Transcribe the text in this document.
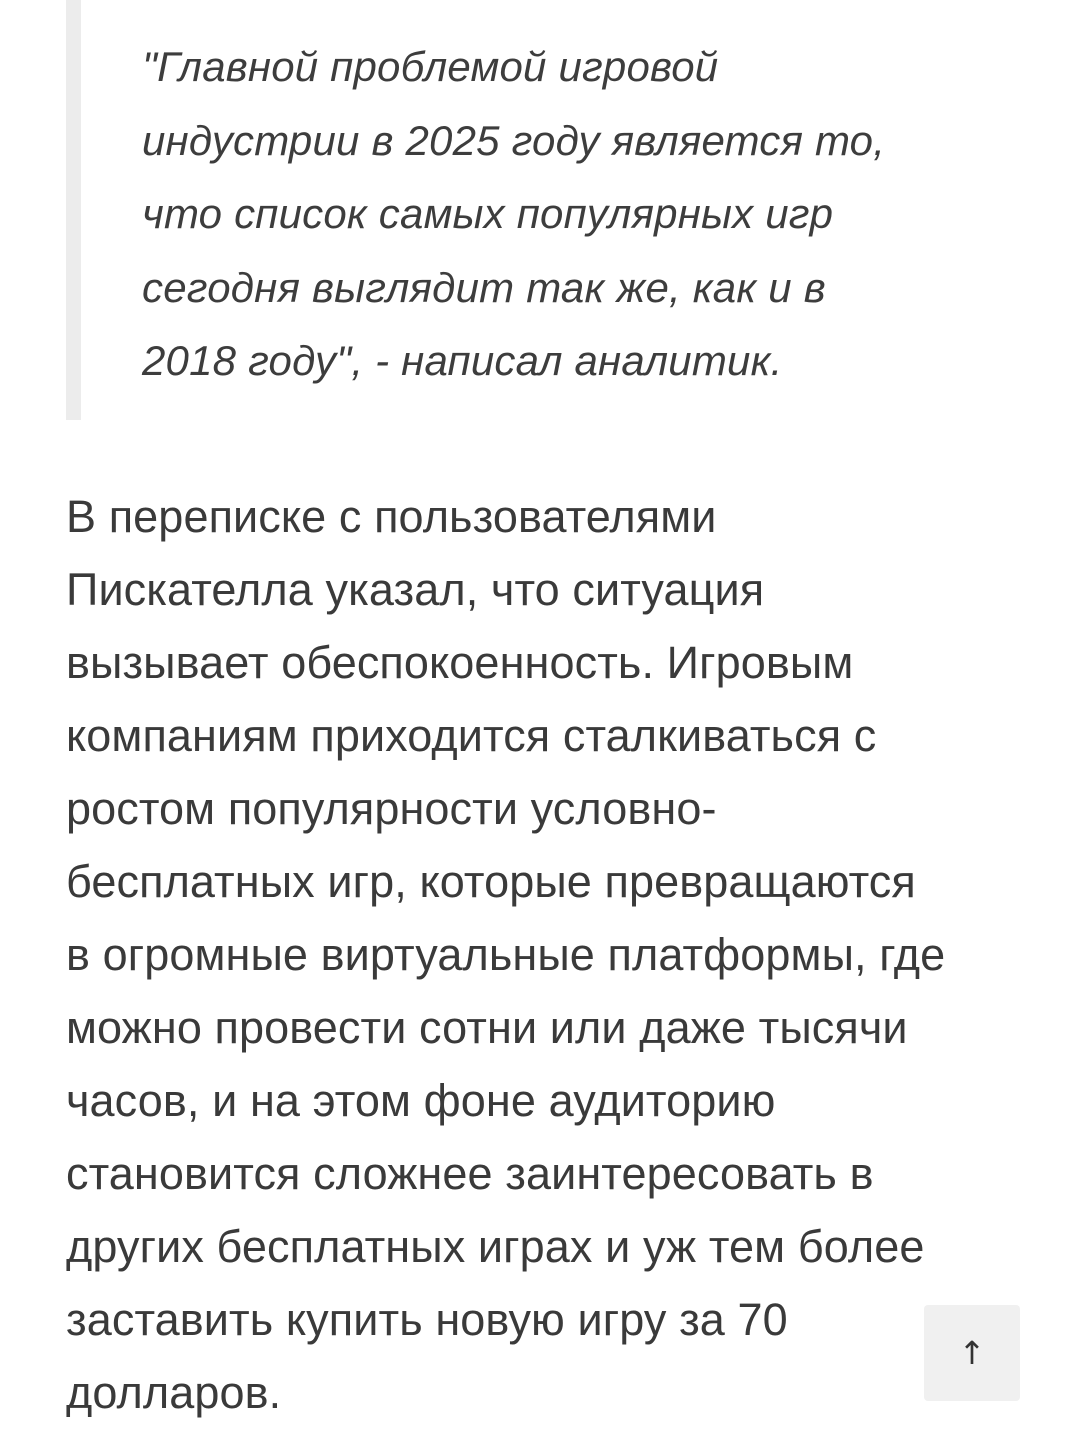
"Главной проблемой игровой
индустрии в 2025 году является то,
что список самых популярных игр
сегодня выглядит так же, как и в
2018 году", - написал аналитик.

В переписке с пользователями
Пискателла указал, что ситуация
вызывает обеспокоенность. Игровым
компаниям приходится сталкиваться с
ростом популярности условно-
бесплатных игр, которые превращаются
в огромные виртуальные платформы, где
можно провести сотни или даже тысячи
часов, и на этом фоне аудиторию
становится сложнее заинтересовать в
других бесплатных играх и уж тем более
заставить купить новую игру за 70
долларов.

↑
